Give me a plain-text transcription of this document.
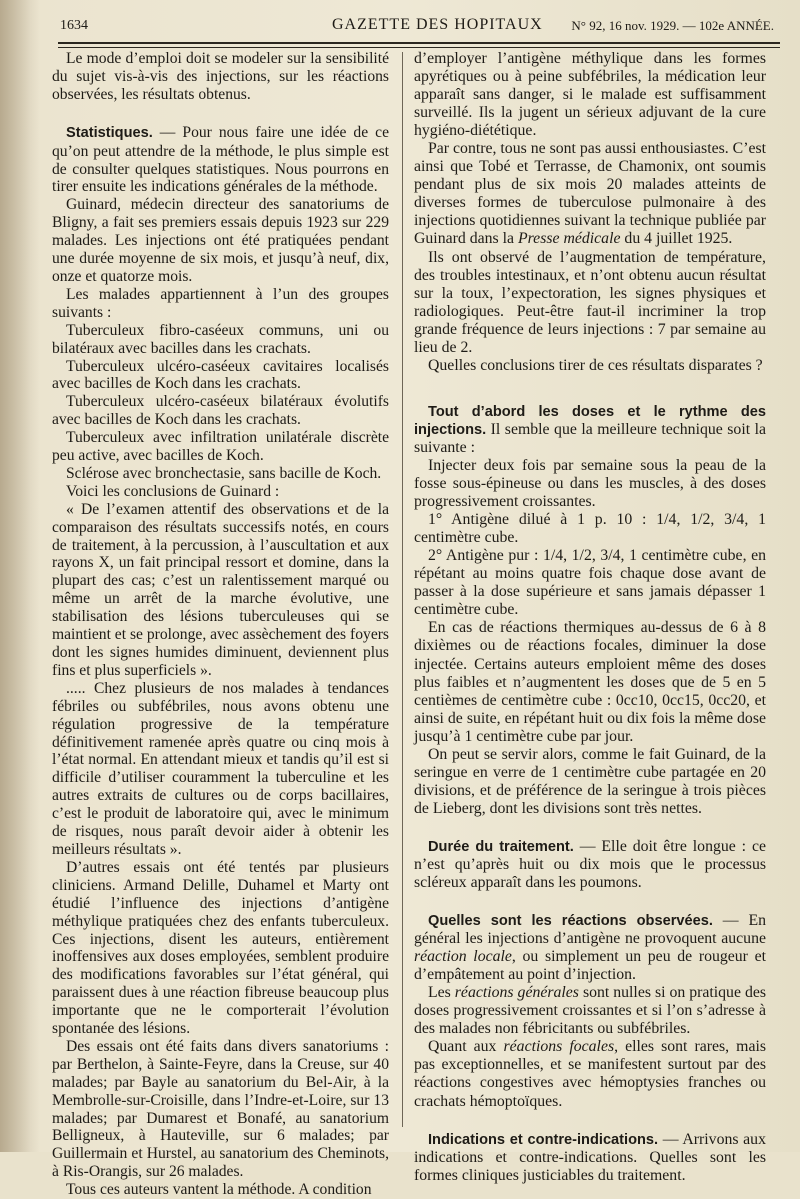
1634	GAZETTE DES HOPITAUX N° 92, 16 nov. 1929. — 102e ANNÉE.

Le mode d’emploi doit se modeler sur la sensibilité du sujet vis-à-vis des injections, sur les réactions observées, les résultats obtenus.

Statistiques. — Pour nous faire une idée de ce qu’on peut attendre de la méthode, le plus simple est de consulter quelques statistiques. Nous pourrons en tirer ensuite les indications générales de la méthode.

Guinard, médecin directeur des sanatoriums de Bligny, a fait ses premiers essais depuis 1923 sur 229 malades. Les injections ont été pratiquées pendant une durée moyenne de six mois, et jusqu’à neuf, dix, onze et quatorze mois.

Les malades appartiennent à l’un des groupes suivants :

Tuberculeux fibro-caséeux communs, uni ou bilatéraux avec bacilles dans les crachats.

Tuberculeux ulcéro-caséeux cavitaires localisés avec bacilles de Koch dans les crachats.

Tuberculeux ulcéro-caséeux bilatéraux évolutifs avec bacilles de Koch dans les crachats.

Tuberculeux avec infiltration unilatérale discrète peu active, avec bacilles de Koch.

Sclérose avec bronchectasie, sans bacille de Koch.

Voici les conclusions de Guinard :

« De l’examen attentif des observations et de la comparaison des résultats successifs notés, en cours de traitement, à la percussion, à l’auscultation et aux rayons X, un fait principal ressort et domine, dans la plupart des cas; c’est un ralentissement marqué ou même un arrêt de la marche évolutive, une stabilisation des lésions tuberculeuses qui se maintient et se prolonge, avec assèchement des foyers dont les signes humides diminuent, deviennent plus fins et plus superficiels ».

..... Chez plusieurs de nos malades à tendances fébriles ou subfébriles, nous avons obtenu une régulation progressive de la température définitivement ramenée après quatre ou cinq mois à l’état normal. En attendant mieux et tandis qu’il est si difficile d’utiliser couramment la tuberculine et les autres extraits de cultures ou de corps bacillaires, c’est le produit de laboratoire qui, avec le minimum de risques, nous paraît devoir aider à obtenir les meilleurs résultats ».

D’autres essais ont été tentés par plusieurs cliniciens. Armand Delille, Duhamel et Marty ont étudié l’influence des injections d’antigène méthylique pratiquées chez des enfants tuberculeux. Ces injections, disent les auteurs, entièrement inoffensives aux doses employées, semblent produire des modifications favorables sur l’état général, qui paraissent dues à une réaction fibreuse beaucoup plus importante que ne le comporterait l’évolution spontanée des lésions.

Des essais ont été faits dans divers sanatoriums : par Berthelon, à Sainte-Feyre, dans la Creuse, sur 40 malades; par Bayle au sanatorium du Bel-Air, à la Membrolle-sur-Croisille, dans l’Indre-et-Loire, sur 13 malades; par Dumarest et Bonafé, au sanatorium Belligneux, à Hauteville, sur 6 malades; par Guillermain et Hurstel, au sanatorium des Cheminots, à Ris-Orangis, sur 26 malades.

Tous ces auteurs vantent la méthode. A condition

d’employer l’antigène méthylique dans les formes apyrétiques ou à peine subfébriles, la médication leur apparaît sans danger, si le malade est suffisamment surveillé. Ils la jugent un sérieux adjuvant de la cure hygiéno-diététique.

Par contre, tous ne sont pas aussi enthousiastes. C’est ainsi que Tobé et Terrasse, de Chamonix, ont soumis pendant plus de six mois 20 malades atteints de diverses formes de tuberculose pulmonaire à des injections quotidiennes suivant la technique publiée par Guinard dans la Presse médicale du 4 juillet 1925.

Ils ont observé de l’augmentation de température, des troubles intestinaux, et n’ont obtenu aucun résultat sur la toux, l’expectoration, les signes physiques et radiologiques. Peut-être faut-il incriminer la trop grande fréquence de leurs injections : 7 par semaine au lieu de 2.

Quelles conclusions tirer de ces résultats disparates ?

Tout d’abord les doses et le rythme des injections. Il semble que la meilleure technique soit la suivante :

Injecter deux fois par semaine sous la peau de la fosse sous-épineuse ou dans les muscles, à des doses progressivement croissantes.

1° Antigène dilué à 1 p. 10 : 1/4, 1/2, 3/4, 1 centimètre cube.

2° Antigène pur : 1/4, 1/2, 3/4, 1 centimètre cube, en répétant au moins quatre fois chaque dose avant de passer à la dose supérieure et sans jamais dépasser 1 centimètre cube.

En cas de réactions thermiques au-dessus de 6 à 8 dixièmes ou de réactions focales, diminuer la dose injectée. Certains auteurs emploient même des doses plus faibles et n’augmentent les doses que de 5 en 5 centièmes de centimètre cube : 0cc10, 0cc15, 0cc20, et ainsi de suite, en répétant huit ou dix fois la même dose jusqu’à 1 centimètre cube par jour.

On peut se servir alors, comme le fait Guinard, de la seringue en verre de 1 centimètre cube partagée en 20 divisions, et de préférence de la seringue à trois pièces de Lieberg, dont les divisions sont très nettes.

Durée du traitement. — Elle doit être longue : ce n’est qu’après huit ou dix mois que le processus scléreux apparaît dans les poumons.

Quelles sont les réactions observées. — En général les injections d’antigène ne provoquent aucune réaction locale, ou simplement un peu de rougeur et d’empâtement au point d’injection.

Les réactions générales sont nulles si on pratique des doses progressivement croissantes et si l’on s’adresse à des malades non fébricitants ou subfébriles.

Quant aux réactions focales, elles sont rares, mais pas exceptionnelles, et se manifestent surtout par des réactions congestives avec hémoptysies franches ou crachats hémoptoïques.

Indications et contre-indications. — Arrivons aux indications et contre-indications. Quelles sont les formes cliniques justiciables du traitement.
